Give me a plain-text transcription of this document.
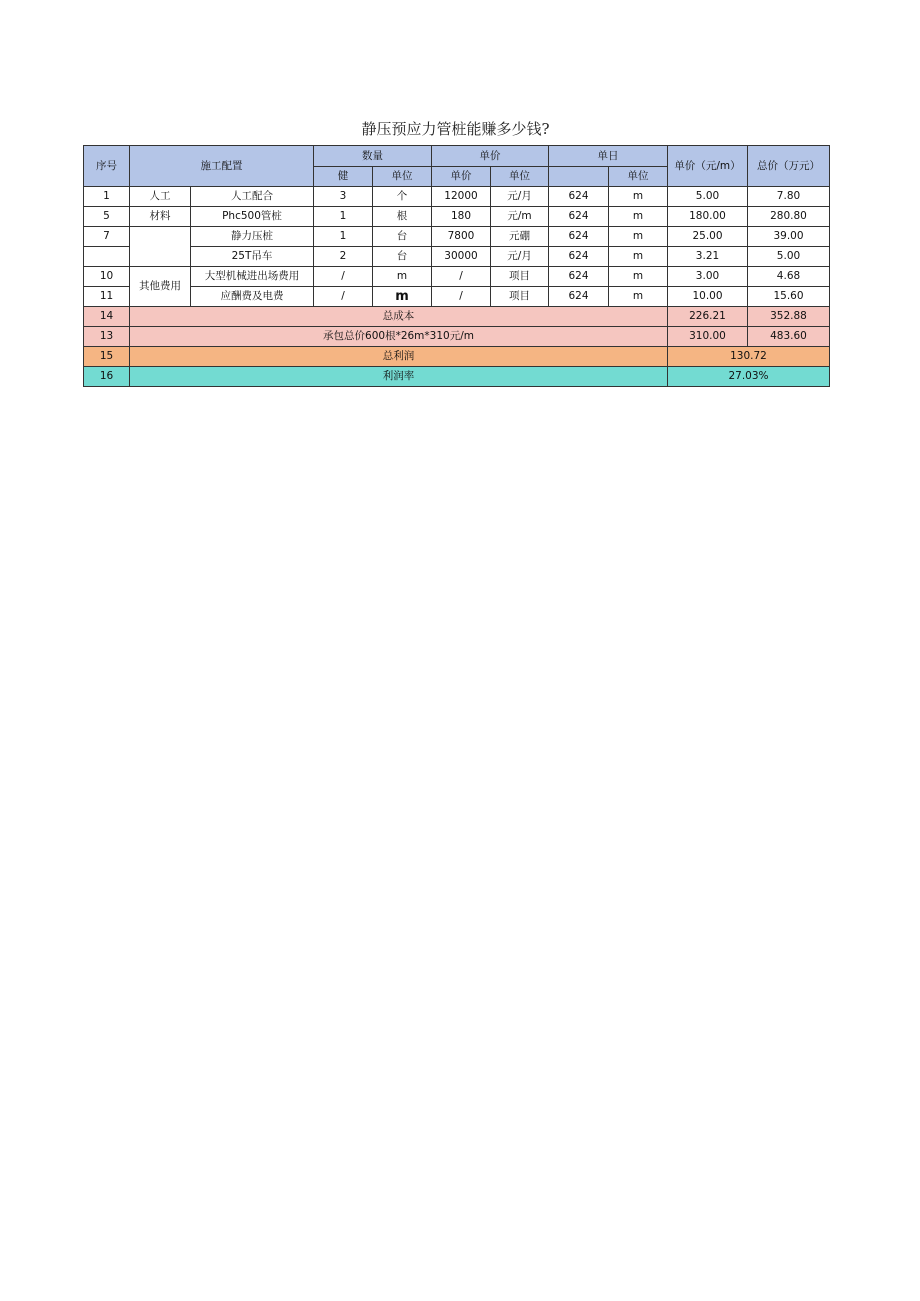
静压预应力管桩能赚多少钱?
序号	施工配置		数量		单价		单日		单价（元/m）	总价（万元）
			健	单位	单价	单位		单位		
1	人工	人工配合	3	个	12000	元/月	624	m	5.00	7.80
5	材料	Phc500管桩	1	根	180	元/m	624	m	180.00	280.80
7		静力压桩	1	台	7800	元硼	624	m	25.00	39.00
		25T吊车	2	台	30000	元/月	624	m	3.21	5.00
10	其他费用	大型机械进出场费用	/	m	/	项目	624	m	3.00	4.68
11		应酬费及电费	/	m	/	项目	624	m	10.00	15.60
14	总成本								226.21	352.88
13	承包总价600根*26m*310元/m								310.00	483.60
15	总利润								130.72	
16	利润率								27.03%	
